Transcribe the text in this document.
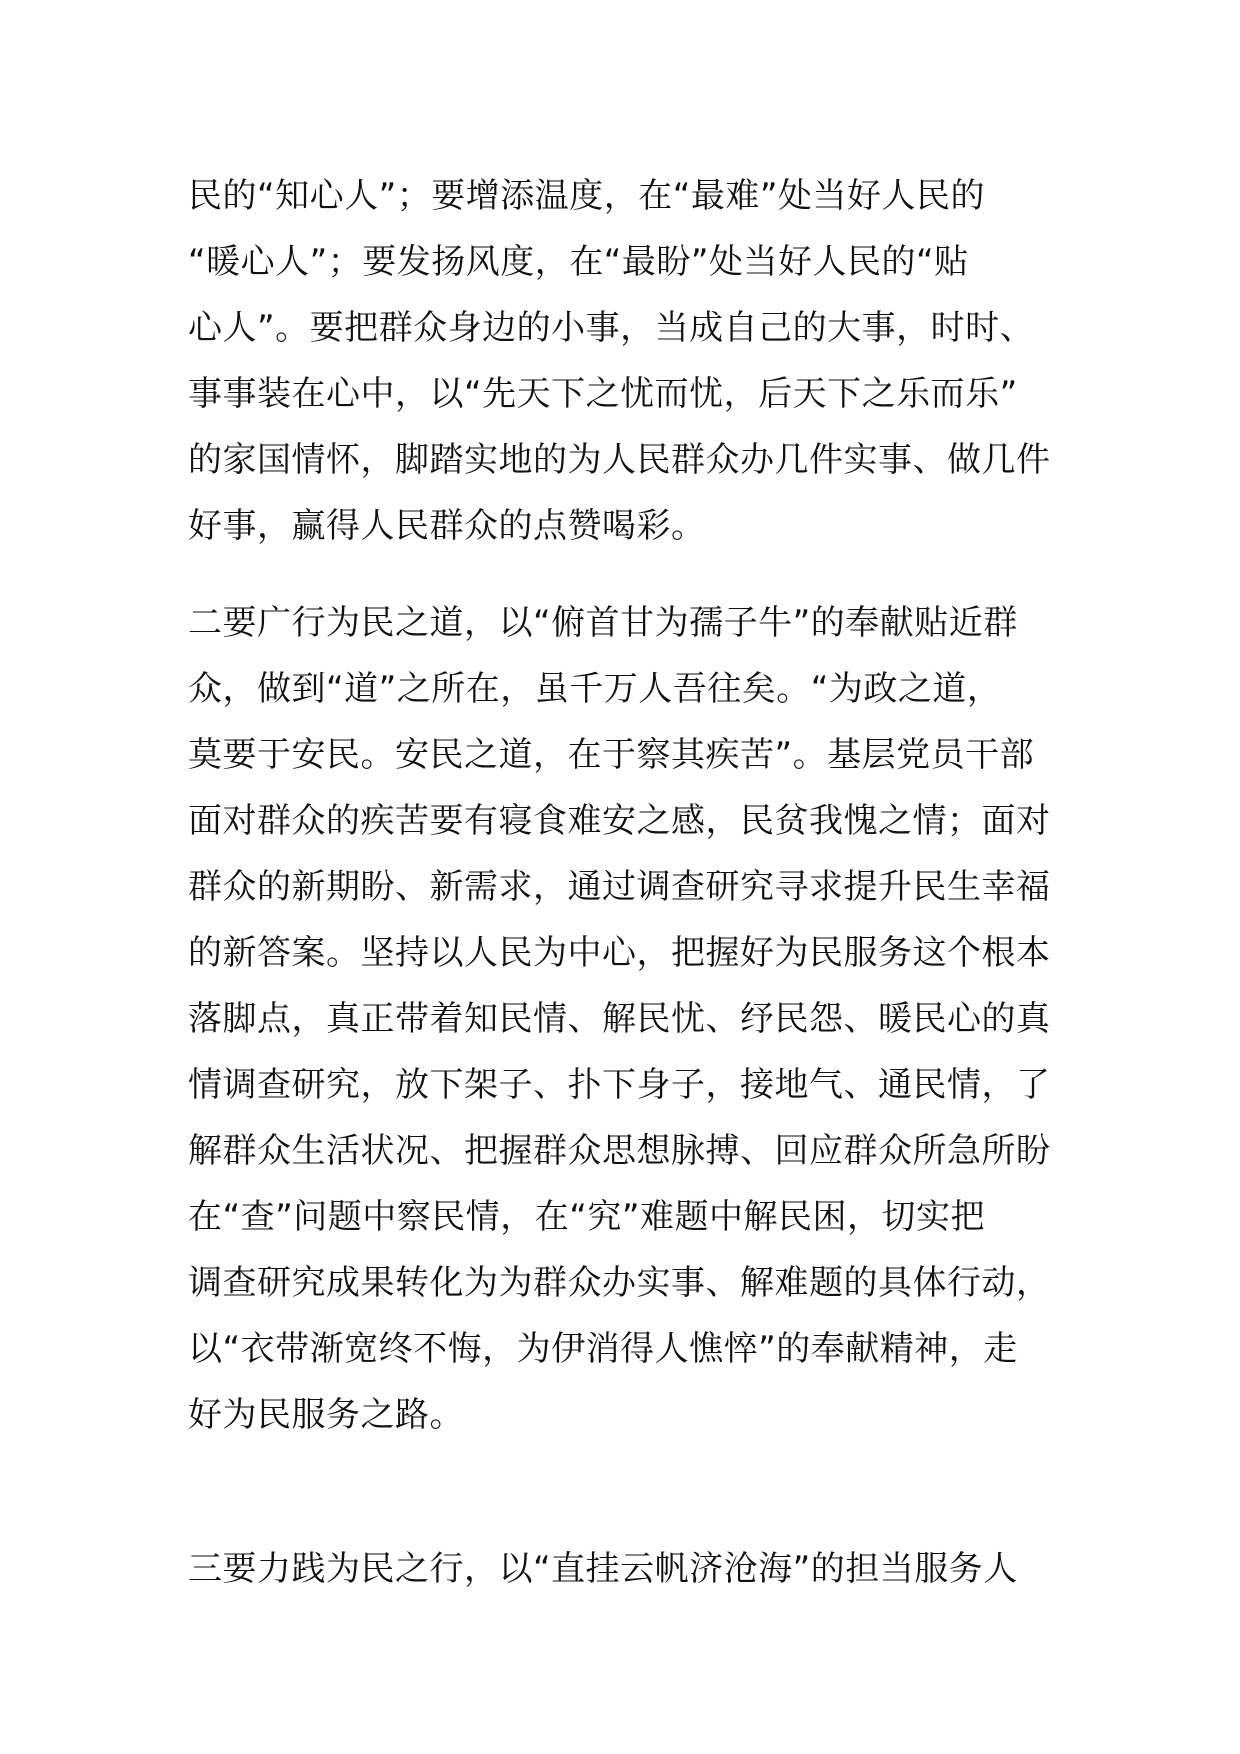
民的“知心人”；要增添温度，在“最难”处当好人民的
“暖心人”；要发扬风度，在“最盼”处当好人民的“贴
心人”。要把群众身边的小事，当成自己的大事，时时、
事事装在心中，以“先天下之忧而忧，后天下之乐而乐”
的家国情怀，脚踏实地的为人民群众办几件实事、做几件
好事，赢得人民群众的点赞喝彩。
二要广行为民之道，以“俯首甘为孺子牛”的奉献贴近群
众，做到“道”之所在，虽千万人吾往矣。“为政之道，
莫要于安民。安民之道，在于察其疾苦”。基层党员干部
面对群众的疾苦要有寝食难安之感，民贫我愧之情；面对
群众的新期盼、新需求，通过调查研究寻求提升民生幸福
的新答案。坚持以人民为中心，把握好为民服务这个根本
落脚点，真正带着知民情、解民忧、纾民怨、暖民心的真
情调查研究，放下架子、扑下身子，接地气、通民情，了
解群众生活状况、把握群众思想脉搏、回应群众所急所盼
在“查”问题中察民情，在“究”难题中解民困，切实把
调查研究成果转化为为群众办实事、解难题的具体行动，
以“衣带渐宽终不悔，为伊消得人憔悴”的奉献精神，走
好为民服务之路。
三要力践为民之行，以“直挂云帆济沧海”的担当服务人
